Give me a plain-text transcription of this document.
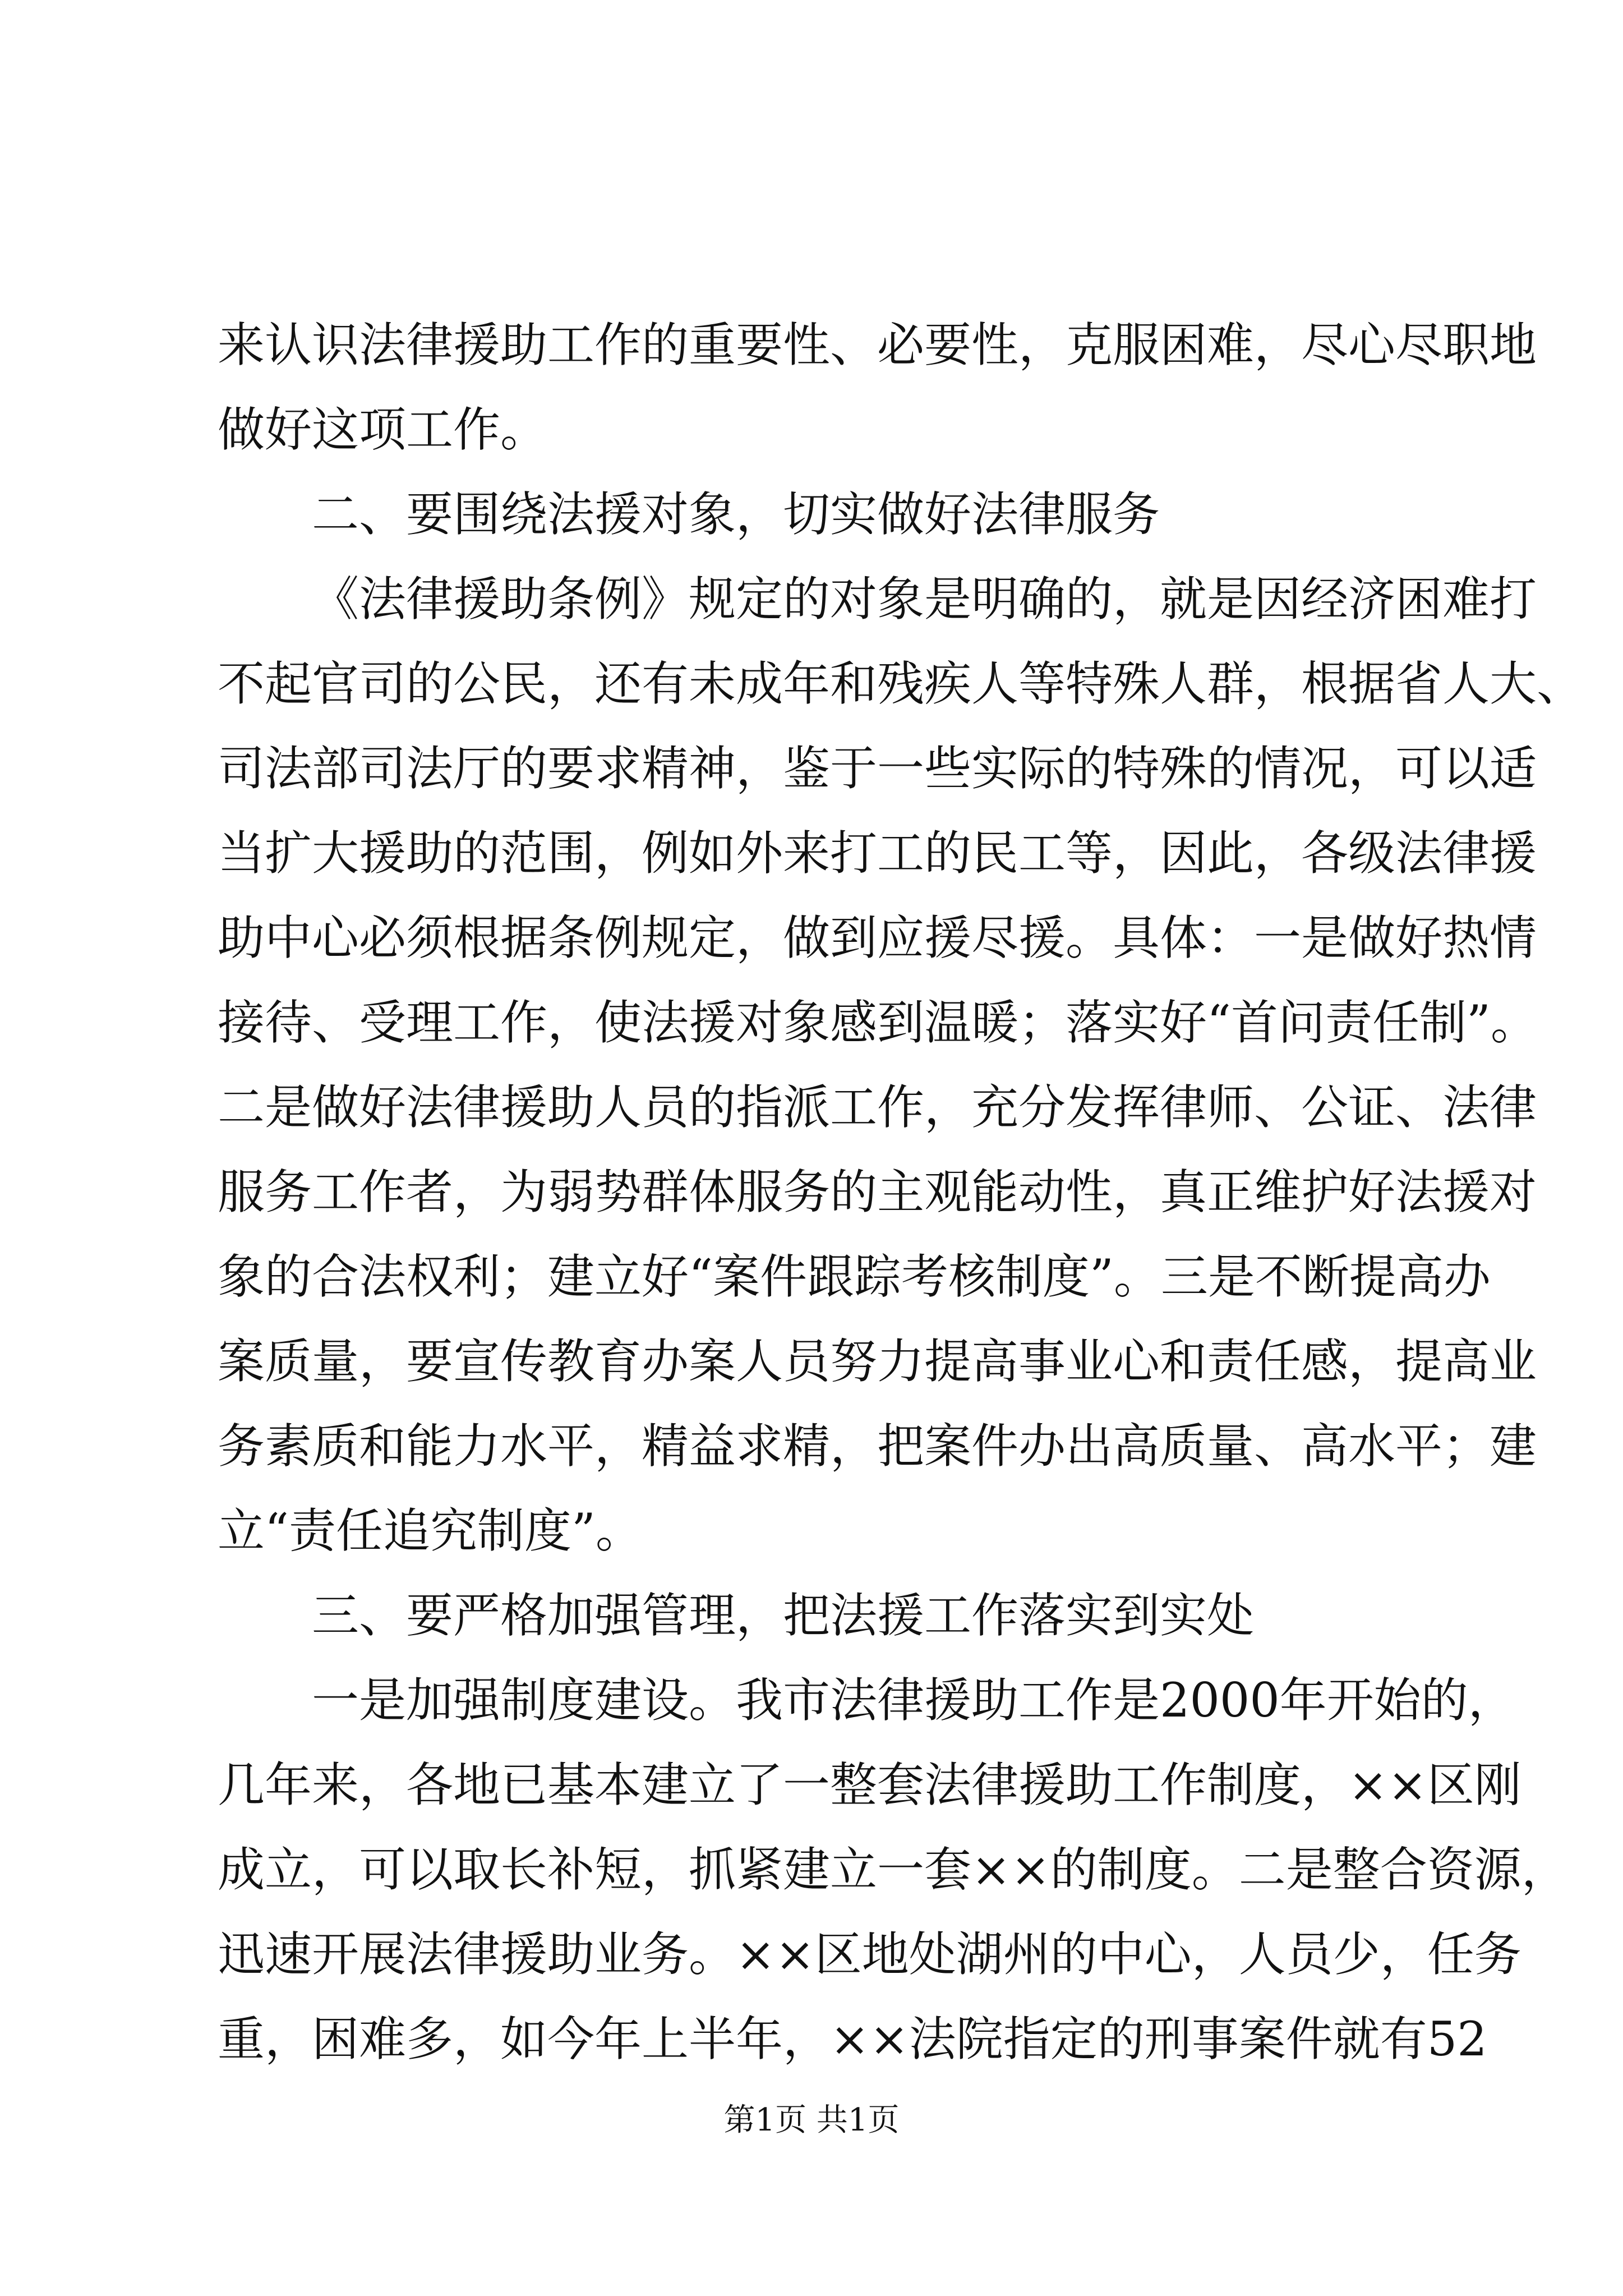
来认识法律援助工作的重要性、必要性，克服困难，尽心尽职地
做好这项工作。
二、要围绕法援对象，切实做好法律服务
《法律援助条例》规定的对象是明确的，就是因经济困难打
不起官司的公民，还有未成年和残疾人等特殊人群，根据省人大、
司法部司法厅的要求精神，鉴于一些实际的特殊的情况，可以适
当扩大援助的范围，例如外来打工的民工等，因此，各级法律援
助中心必须根据条例规定，做到应援尽援。具体：一是做好热情
接待、受理工作，使法援对象感到温暖；落实好“首问责任制”。
二是做好法律援助人员的指派工作，充分发挥律师、公证、法律
服务工作者，为弱势群体服务的主观能动性，真正维护好法援对
象的合法权利；建立好“案件跟踪考核制度”。三是不断提高办
案质量，要宣传教育办案人员努力提高事业心和责任感，提高业
务素质和能力水平，精益求精，把案件办出高质量、高水平；建
立“责任追究制度”。
三、要严格加强管理，把法援工作落实到实处
一是加强制度建设。我市法律援助工作是2000年开始的，
几年来，各地已基本建立了一整套法律援助工作制度，××区刚
成立，可以取长补短，抓紧建立一套××的制度。二是整合资源，
迅速开展法律援助业务。××区地处湖州的中心，人员少，任务
重，困难多，如今年上半年，××法院指定的刑事案件就有52
第1页 共1页
